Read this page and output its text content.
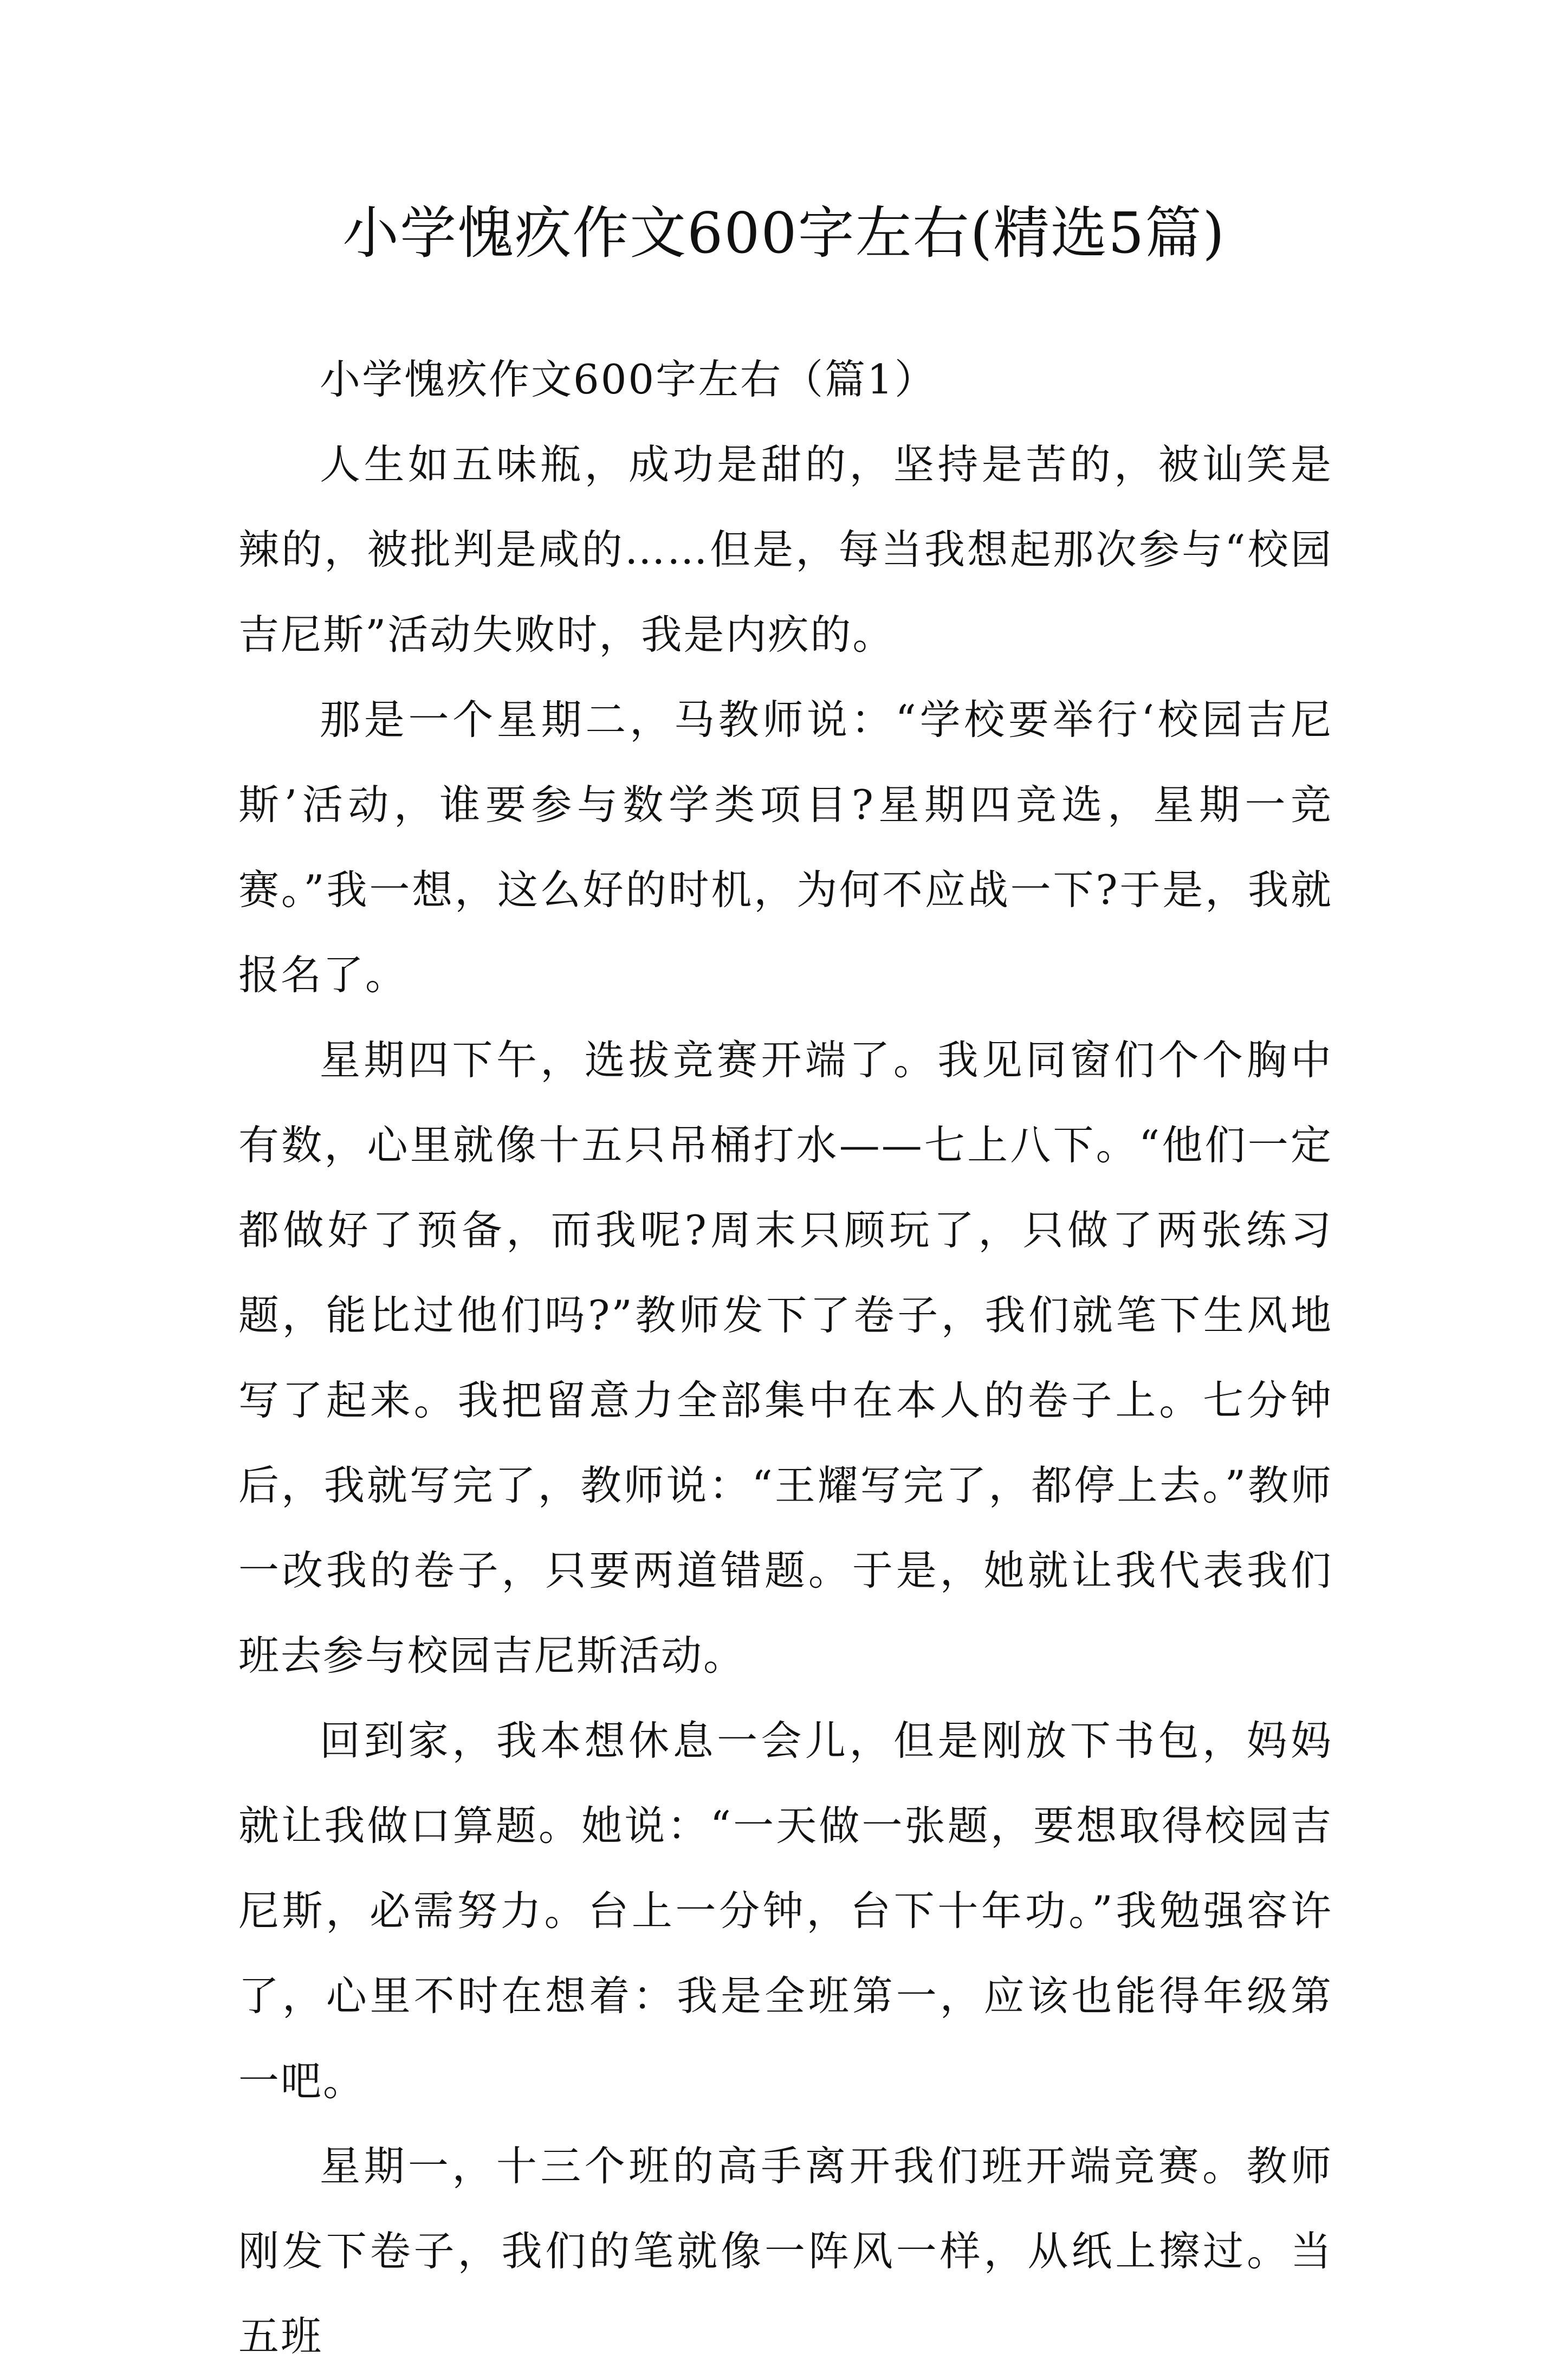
小学愧疚作文600字左右(精选5篇)

小学愧疚作文600字左右（篇1）

人生如五味瓶，成功是甜的，坚持是苦的，被讪笑是辣的，被批判是咸的……但是，每当我想起那次参与“校园吉尼斯”活动失败时，我是内疚的。

那是一个星期二，马教师说：“学校要举行‘校园吉尼斯’活动，谁要参与数学类项目?星期四竞选，星期一竞赛。”我一想，这么好的时机，为何不应战一下?于是，我就报名了。

星期四下午，选拔竞赛开端了。我见同窗们个个胸中有数，心里就像十五只吊桶打水——七上八下。“他们一定都做好了预备，而我呢?周末只顾玩了，只做了两张练习题，能比过他们吗?”教师发下了卷子，我们就笔下生风地写了起来。我把留意力全部集中在本人的卷子上。七分钟后，我就写完了，教师说：“王耀写完了，都停上去。”教师一改我的卷子，只要两道错题。于是，她就让我代表我们班去参与校园吉尼斯活动。

回到家，我本想休息一会儿，但是刚放下书包，妈妈就让我做口算题。她说：“一天做一张题，要想取得校园吉尼斯，必需努力。台上一分钟，台下十年功。”我勉强容许了，心里不时在想着：我是全班第一，应该也能得年级第一吧。

星期一，十三个班的高手离开我们班开端竞赛。教师刚发下卷子，我们的笔就像一阵风一样，从纸上擦过。当五班
